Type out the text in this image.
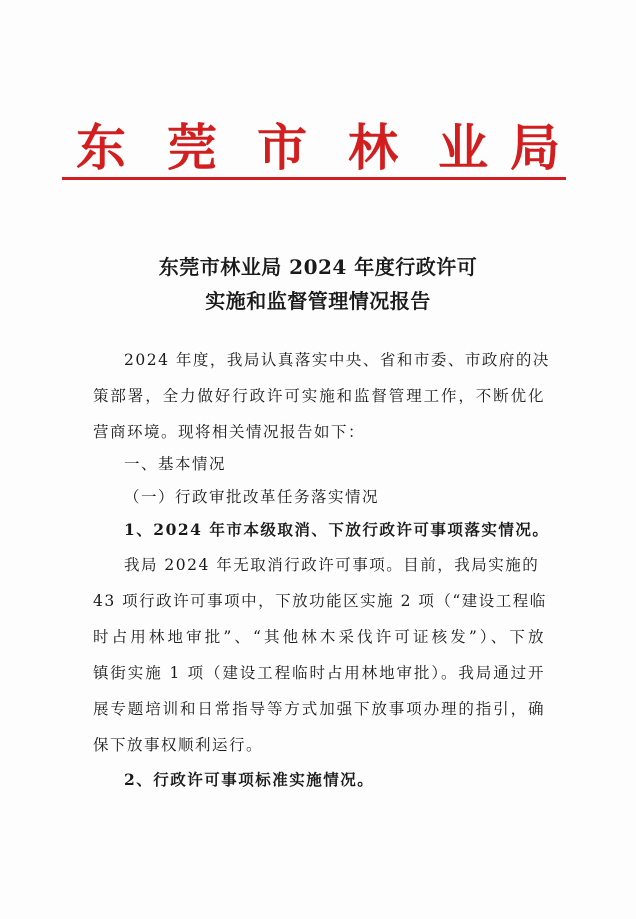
东 莞 市 林 业 局
东莞市林业局 2024 年度行政许可
实施和监督管理情况报告
2024 年度，我局认真落实中央、省和市委、市政府的决
策部署，全力做好行政许可实施和监督管理工作，不断优化
营商环境。现将相关情况报告如下：
一、基本情况
（一）行政审批改革任务落实情况
1、2024 年市本级取消、下放行政许可事项落实情况。
我局 2024 年无取消行政许可事项。目前，我局实施的
43 项行政许可事项中，下放功能区实施 2 项（“建设工程临
时占用林地审批”、“其他林木采伐许可证核发”）、下放
镇街实施 1 项（建设工程临时占用林地审批）。我局通过开
展专题培训和日常指导等方式加强下放事项办理的指引，确
保下放事权顺利运行。
2、行政许可事项标准实施情况。
